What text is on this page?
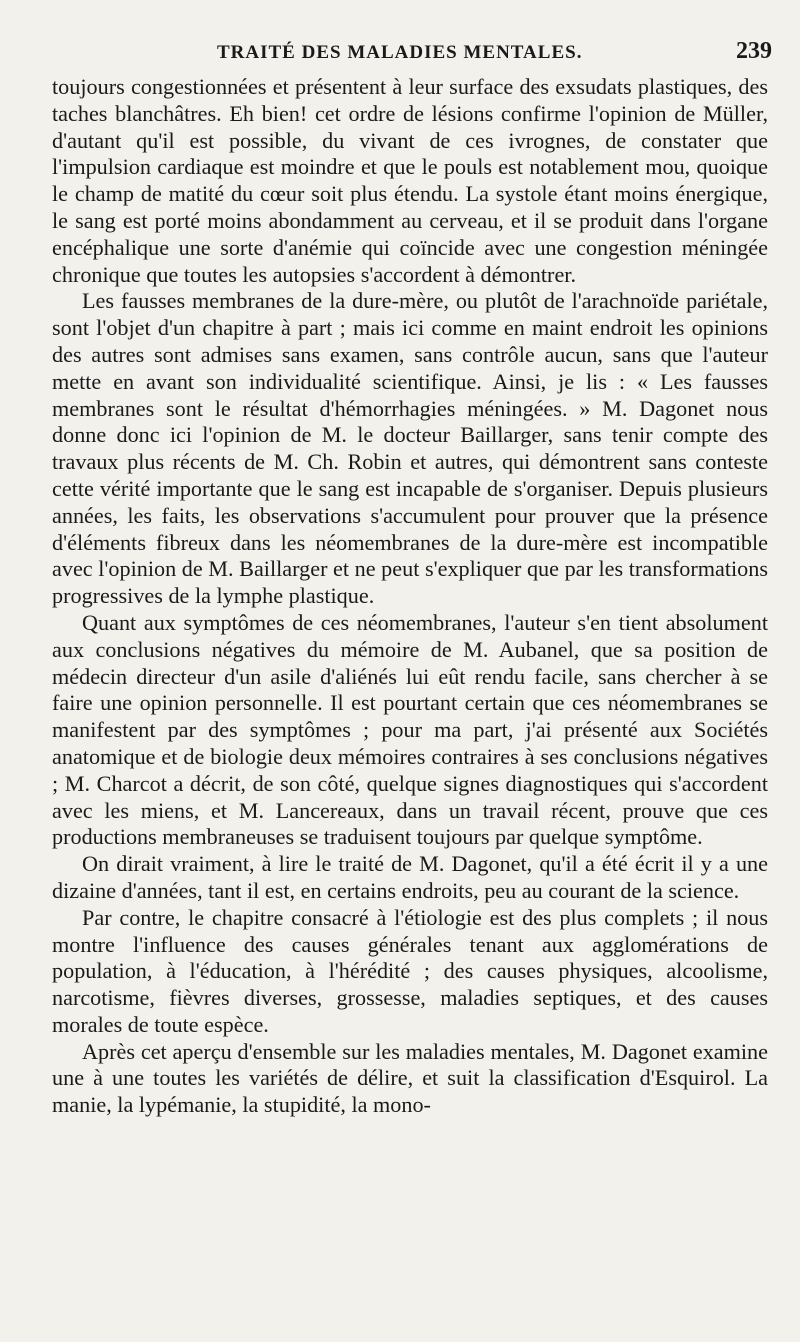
TRAITÉ DES MALADIES MENTALES.	239

toujours congestionnées et présentent à leur surface des exsudats plastiques, des taches blanchâtres. Eh bien! cet ordre de lésions confirme l'opinion de Müller, d'autant qu'il est possible, du vivant de ces ivrognes, de constater que l'impulsion cardiaque est moindre et que le pouls est notablement mou, quoique le champ de matité du cœur soit plus étendu. La systole étant moins énergique, le sang est porté moins abondamment au cerveau, et il se produit dans l'organe encéphalique une sorte d'anémie qui coïncide avec une congestion méningée chronique que toutes les autopsies s'accordent à démontrer.

Les fausses membranes de la dure-mère, ou plutôt de l'arachnoïde pariétale, sont l'objet d'un chapitre à part ; mais ici comme en maint endroit les opinions des autres sont admises sans examen, sans contrôle aucun, sans que l'auteur mette en avant son individualité scientifique. Ainsi, je lis : « Les fausses membranes sont le résultat d'hémorrhagies méningées. » M. Dagonet nous donne donc ici l'opinion de M. le docteur Baillarger, sans tenir compte des travaux plus récents de M. Ch. Robin et autres, qui démontrent sans conteste cette vérité importante que le sang est incapable de s'organiser. Depuis plusieurs années, les faits, les observations s'accumulent pour prouver que la présence d'éléments fibreux dans les néomembranes de la dure-mère est incompatible avec l'opinion de M. Baillarger et ne peut s'expliquer que par les transformations progressives de la lymphe plastique.

Quant aux symptômes de ces néomembranes, l'auteur s'en tient absolument aux conclusions négatives du mémoire de M. Aubanel, que sa position de médecin directeur d'un asile d'aliénés lui eût rendu facile, sans chercher à se faire une opinion personnelle. Il est pourtant certain que ces néomembranes se manifestent par des symptômes ; pour ma part, j'ai présenté aux Sociétés anatomique et de biologie deux mémoires contraires à ses conclusions négatives ; M. Charcot a décrit, de son côté, quelque signes diagnostiques qui s'accordent avec les miens, et M. Lancereaux, dans un travail récent, prouve que ces productions membraneuses se traduisent toujours par quelque symptôme.

On dirait vraiment, à lire le traité de M. Dagonet, qu'il a été écrit il y a une dizaine d'années, tant il est, en certains endroits, peu au courant de la science.

Par contre, le chapitre consacré à l'étiologie est des plus complets ; il nous montre l'influence des causes générales tenant aux agglomérations de population, à l'éducation, à l'hérédité ; des causes physiques, alcoolisme, narcotisme, fièvres diverses, grossesse, maladies septiques, et des causes morales de toute espèce.

Après cet aperçu d'ensemble sur les maladies mentales, M. Dagonet examine une à une toutes les variétés de délire, et suit la classification d'Esquirol. La manie, la lypémanie, la stupidité, la mono-
